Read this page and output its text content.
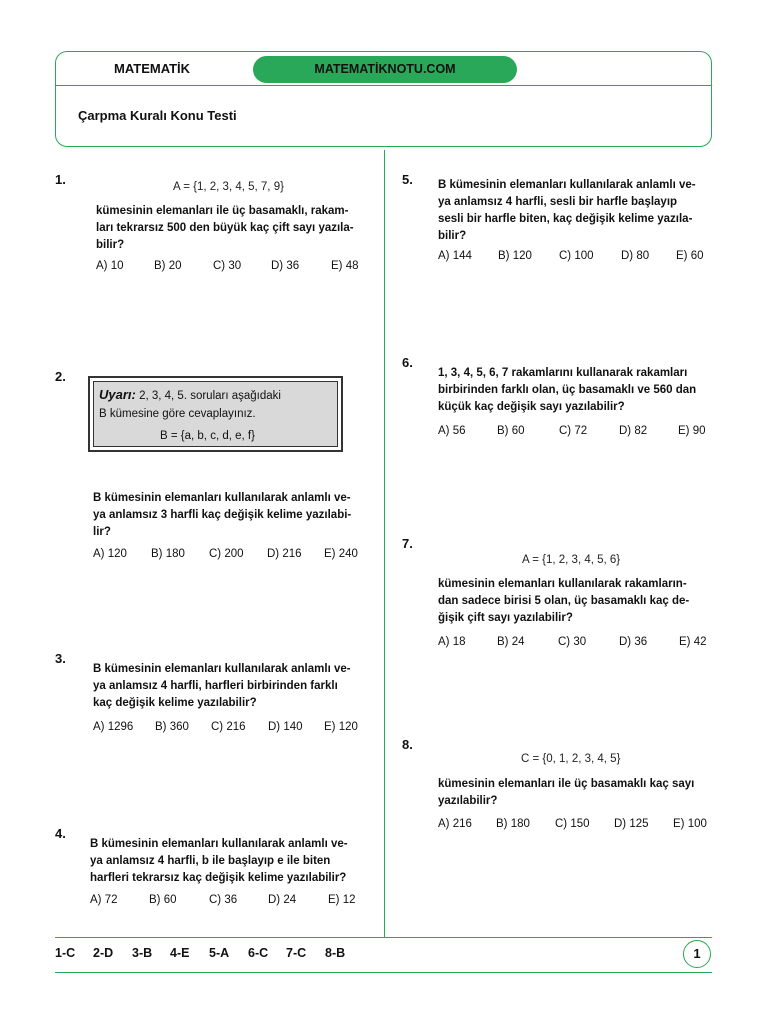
MATEMATİK	MATEMATİKNOTU.COM
Çarpma Kuralı Konu Testi
1.	A = {1, 2, 3, 4, 5, 7, 9}
kümesinin elemanları ile üç basamaklı, rakam-
ları tekrarsız 500 den büyük kaç çift sayı yazıla-
bilir?
A) 10	B) 20	C) 30	D) 36	E) 48
2.
Uyarı: 2, 3, 4, 5. soruları aşağıdaki
B kümesine göre cevaplayınız.
B = {a, b, c, d, e, f}
B kümesinin elemanları kullanılarak anlamlı ve-
ya anlamsız 3 harfli kaç değişik kelime yazılabi-
lir?
A) 120 B) 180 C) 200 D) 216 E) 240
3.
B kümesinin elemanları kullanılarak anlamlı ve-
ya anlamsız 4 harfli, harfleri birbirinden farklı
kaç değişik kelime yazılabilir?
A) 1296 B) 360 C) 216 D) 140 E) 120
4.
B kümesinin elemanları kullanılarak anlamlı ve-
ya anlamsız 4 harfli, b ile başlayıp e ile biten
harfleri tekrarsız kaç değişik kelime yazılabilir?
A) 72	B) 60	C) 36	D) 24	E) 12
5. B kümesinin elemanları kullanılarak anlamlı ve-
ya anlamsız 4 harfli, sesli bir harfle başlayıp
sesli bir harfle biten, kaç değişik kelime yazıla-
bilir?
A) 144 B) 120 C) 100 D) 80 E) 60
6.
1, 3, 4, 5, 6, 7 rakamlarını kullanarak rakamları
birbirinden farklı olan, üç basamaklı ve 560 dan
küçük kaç değişik sayı yazılabilir?
A) 56	B) 60	C) 72	D) 82	E) 90
7.
A = {1, 2, 3, 4, 5, 6}
kümesinin elemanları kullanılarak rakamların-
dan sadece birisi 5 olan, üç basamaklı kaç de-
ğişik çift sayı yazılabilir?
A) 18	B) 24	C) 30	D) 36	E) 42
8.
C = {0, 1, 2, 3, 4, 5}
kümesinin elemanları ile üç basamaklı kaç sayı
yazılabilir?
A) 216 B) 180 C) 150 D) 125 E) 100
1-C 2-D 3-B 4-E 5-A 6-C 7-C 8-B	1
